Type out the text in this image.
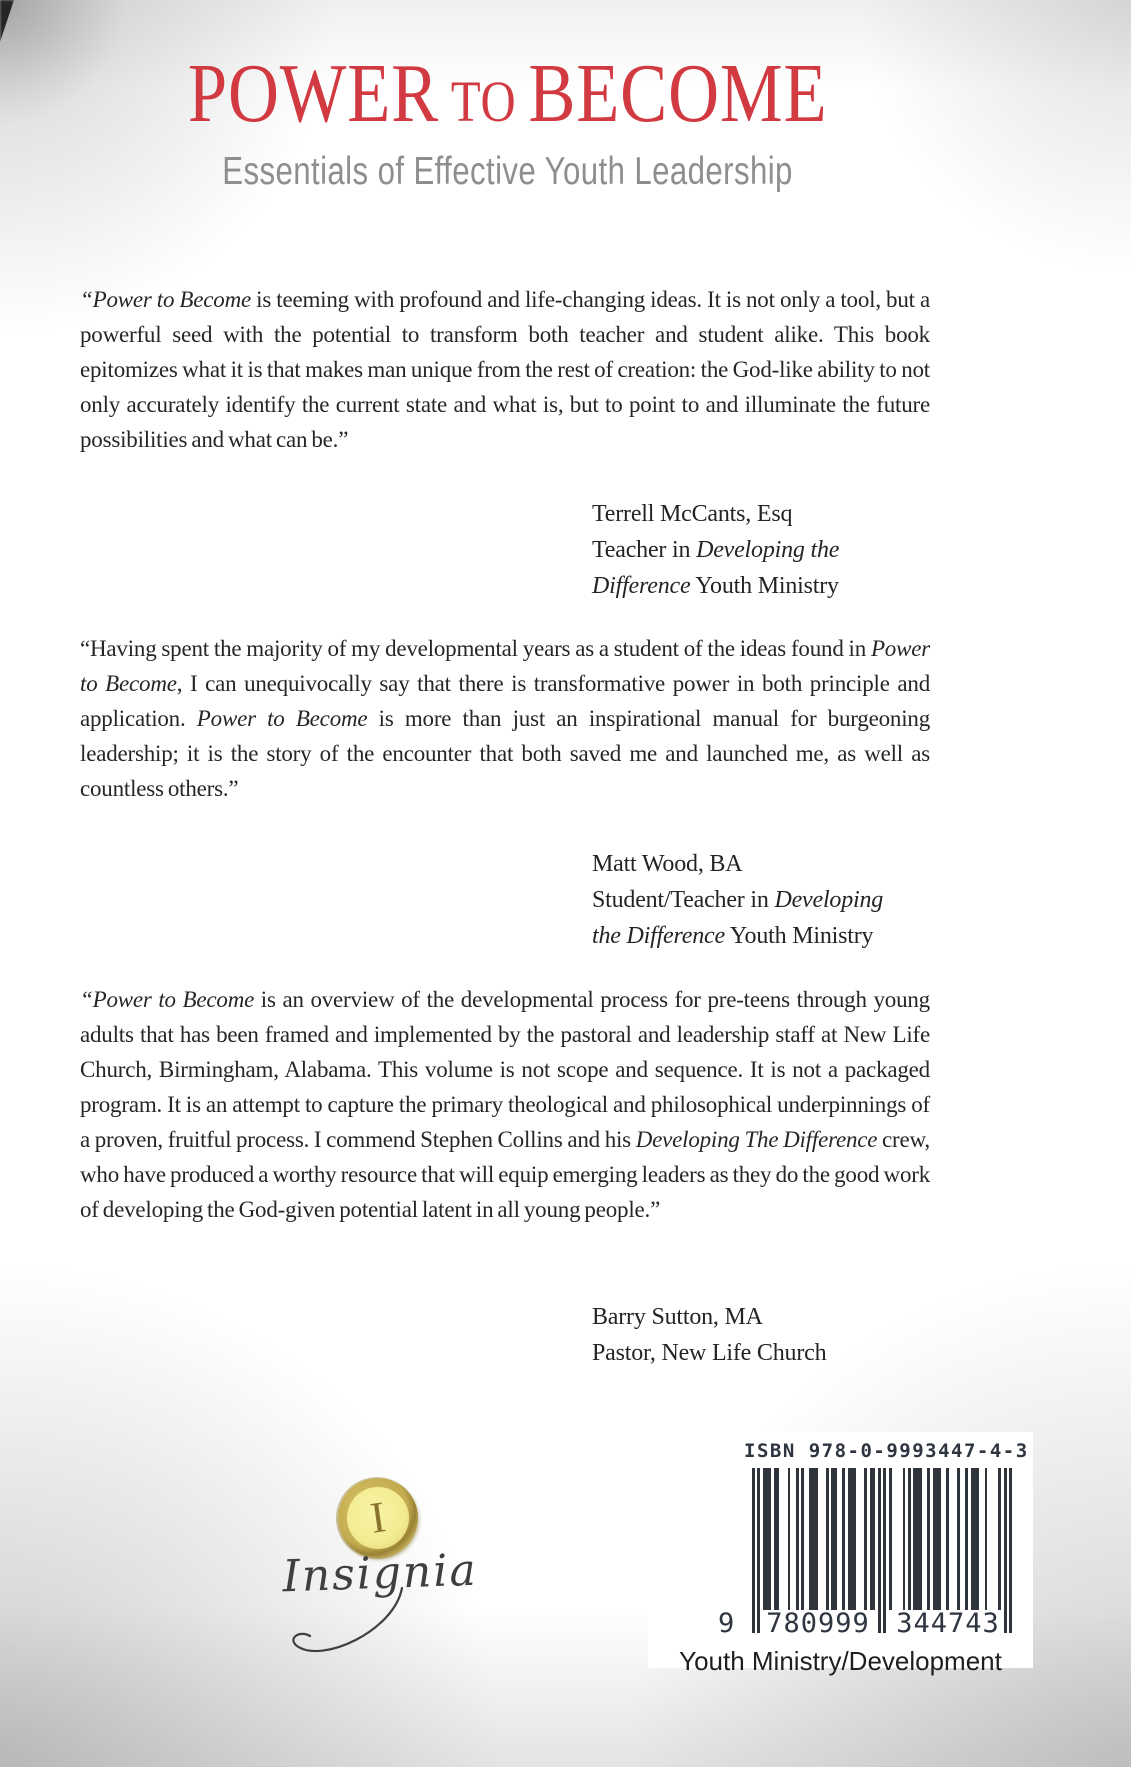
POWER TO BECOME
Essentials of Effective Youth Leadership
“Power to Become is teeming with profound and life-changing ideas. It is not only a tool, but a powerful seed with the potential to transform both teacher and student alike. This book epitomizes what it is that makes man unique from the rest of creation: the God-like ability to not only accurately identify the current state and what is, but to point to and illuminate the future possibilities and what can be.”
Terrell McCants, Esq
Teacher in Developing the
Difference Youth Ministry
“Having spent the majority of my developmental years as a student of the ideas found in Power to Become, I can unequivocally say that there is transformative power in both principle and application. Power to Become is more than just an inspirational manual for burgeoning leadership; it is the story of the encounter that both saved me and launched me, as well as countless others.”
Matt Wood, BA
Student/Teacher in Developing
the Difference Youth Ministry
“Power to Become is an overview of the developmental process for pre-teens through young adults that has been framed and implemented by the pastoral and leadership staff at New Life Church, Birmingham, Alabama. This volume is not scope and sequence. It is not a packaged program. It is an attempt to capture the primary theological and philosophical underpinnings of a proven, fruitful process. I commend Stephen Collins and his Developing The Difference crew, who have produced a worthy resource that will equip emerging leaders as they do the good work of developing the God-given potential latent in all young people.”
Barry Sutton, MA
Pastor, New Life Church
I
Insignia
ISBN 978-0-9993447-4-3
9 780999 344743
Youth Ministry/Development
